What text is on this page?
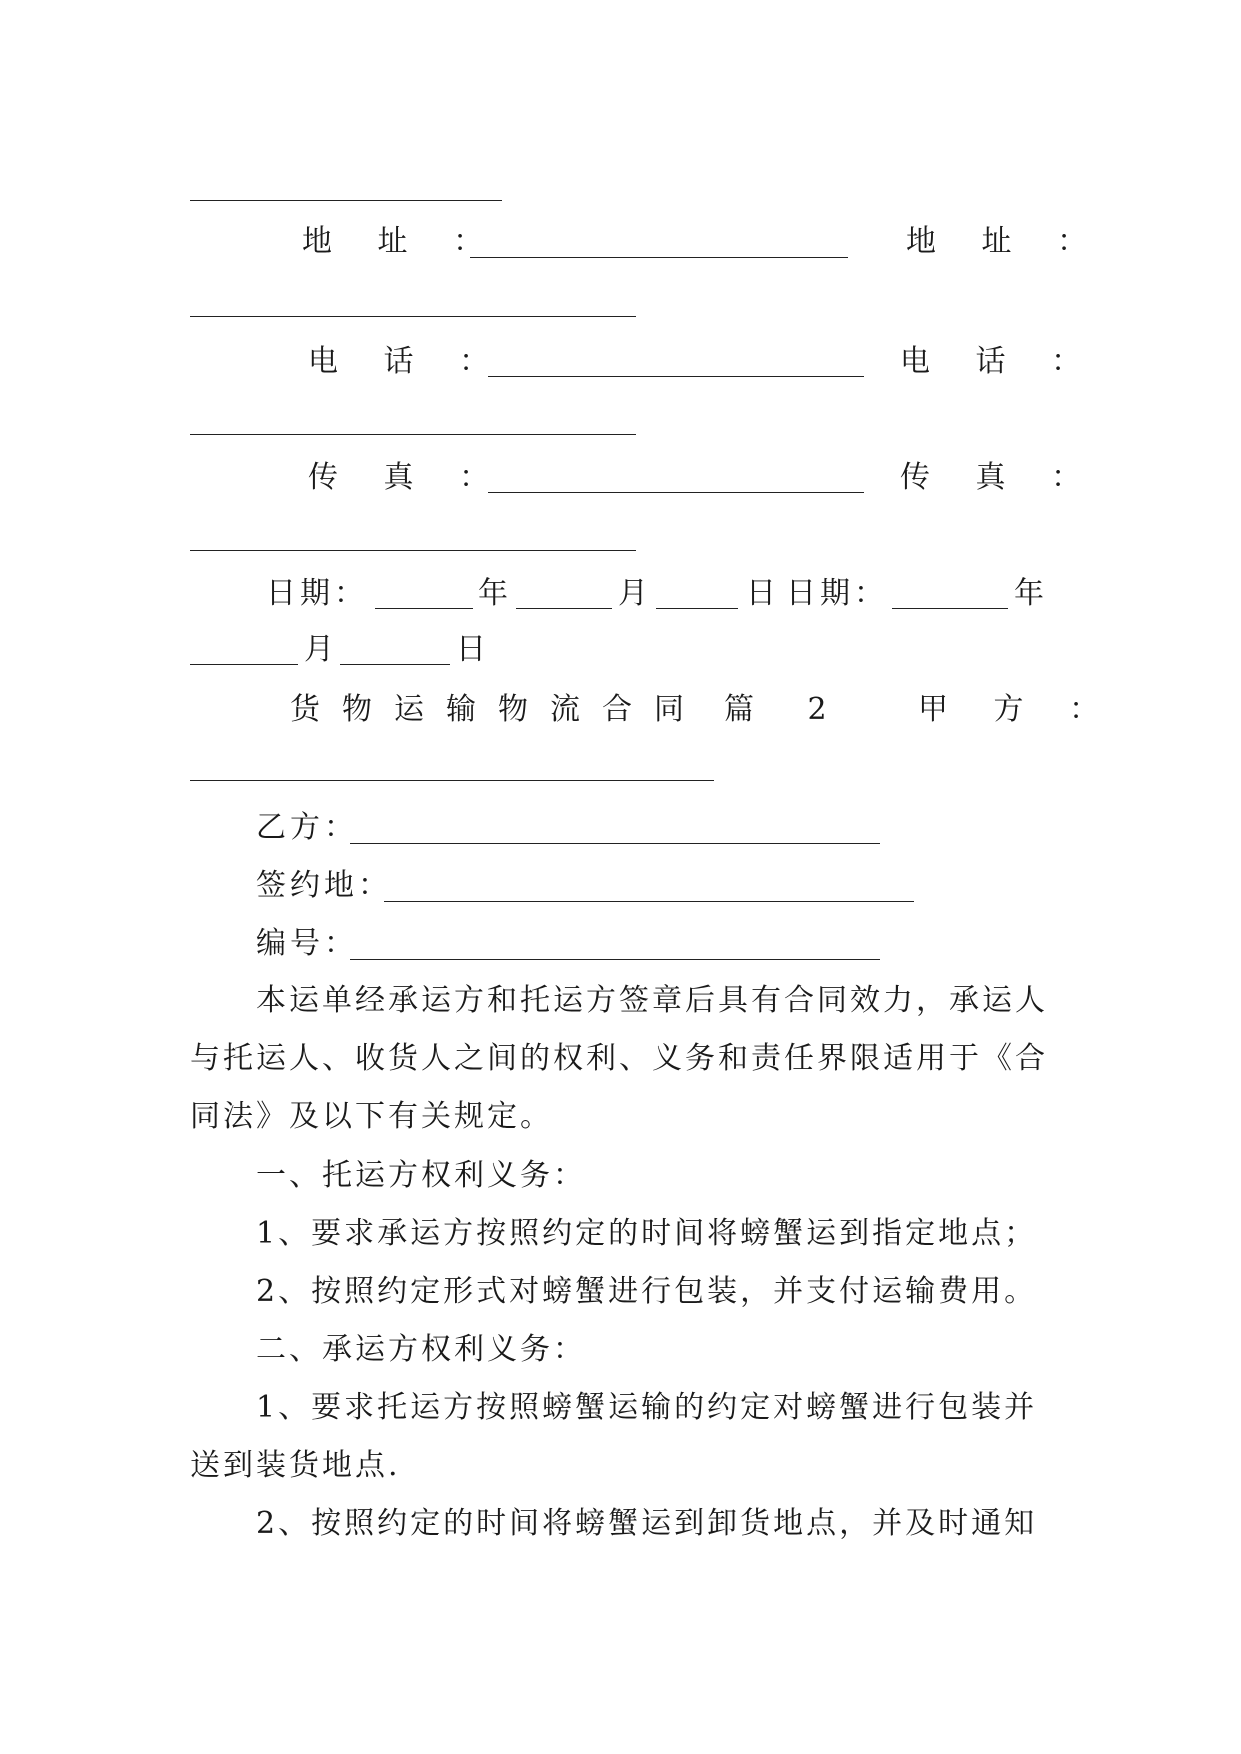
地 址 ：	地 址 ：
电 话 ：	电 话 ：
传 真 ：	传 真 ：
日期：	年	月	日 日期：	年
月	日
货物运输物流合同 篇 2 甲 方 ：
乙方：
签约地：
编号：
本运单经承运方和托运方签章后具有合同效力，承运人与托运人、收货人之间的权利、义务和责任界限适用于《合同法》及以下有关规定。
一、托运方权利义务：
1、要求承运方按照约定的时间将螃蟹运到指定地点；
2、按照约定形式对螃蟹进行包装，并支付运输费用。
二、承运方权利义务：
1、要求托运方按照螃蟹运输的约定对螃蟹进行包装并送到装货地点.
2、按照约定的时间将螃蟹运到卸货地点，并及时通知
